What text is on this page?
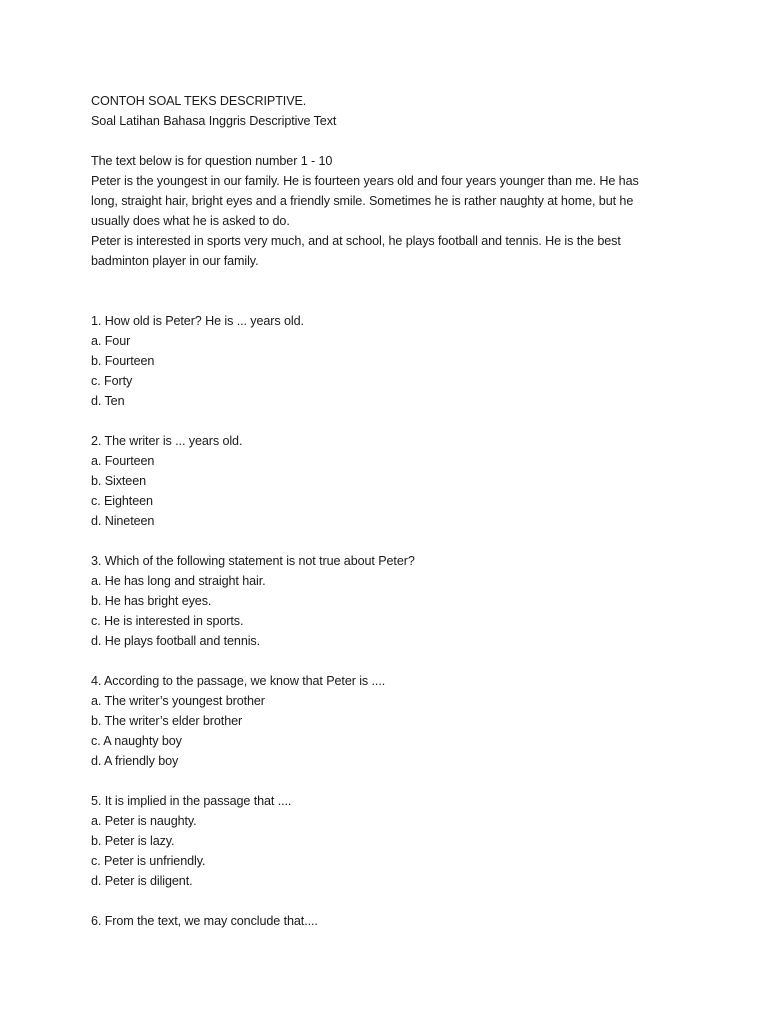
CONTOH SOAL TEKS DESCRIPTIVE.
Soal Latihan Bahasa Inggris Descriptive Text
The text below is for question number 1 - 10
Peter is the youngest in our family. He is fourteen years old and four years younger than me. He has
long, straight hair, bright eyes and a friendly smile. Sometimes he is rather naughty at home, but he
usually does what he is asked to do.
Peter is interested in sports very much, and at school, he plays football and tennis. He is the best
badminton player in our family.
1. How old is Peter? He is ... years old.
a. Four
b. Fourteen
c. Forty
d. Ten
2. The writer is ... years old.
a. Fourteen
b. Sixteen
c. Eighteen
d. Nineteen
3. Which of the following statement is not true about Peter?
a. He has long and straight hair.
b. He has bright eyes.
c. He is interested in sports.
d. He plays football and tennis.
4. According to the passage, we know that Peter is ....
a. The writer’s youngest brother
b. The writer’s elder brother
c. A naughty boy
d. A friendly boy
5. It is implied in the passage that ....
a. Peter is naughty.
b. Peter is lazy.
c. Peter is unfriendly.
d. Peter is diligent.
6. From the text, we may conclude that....
